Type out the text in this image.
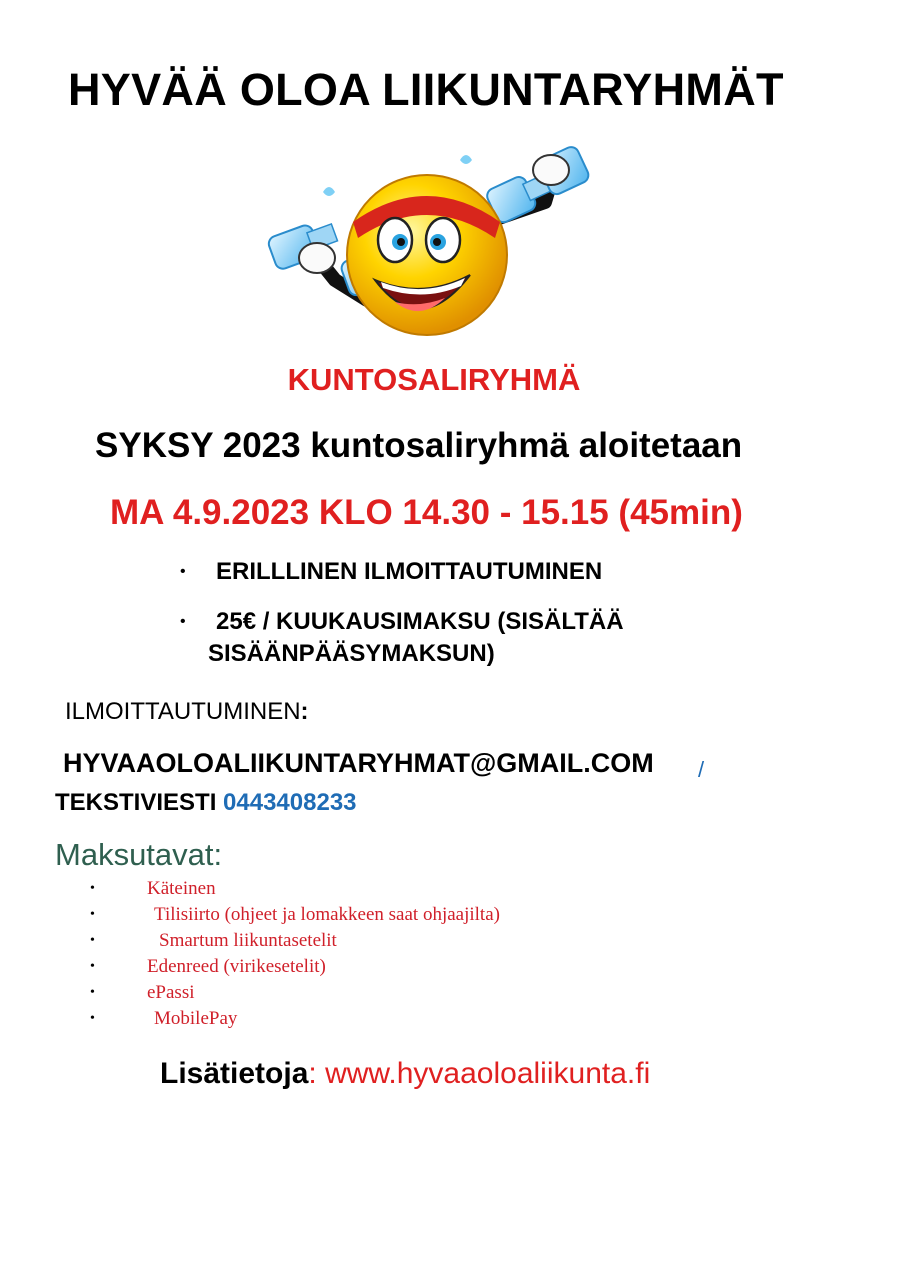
HYVÄÄ OLOA LIIKUNTARYHMÄT
KUNTOSALIRYHMÄ
SYKSY 2023 kuntosaliryhmä aloitetaan
MA 4.9.2023 KLO 14.30 - 15.15 (45min)
• ERILLLINEN ILMOITTAUTUMINEN
• 25€ / KUUKAUSIMAKSU (SISÄLTÄÄ
SISÄÄNPÄÄSYMAKSUN)
ILMOITTAUTUMINEN:
HYVAAOLOALIIKUNTARYHMAT@GMAIL.COM /
TEKSTIVIESTI 0443408233
Maksutavat:
•	Käteinen
•	Tilisiirto (ohjeet ja lomakkeen saat ohjaajilta)
•	Smartum liikuntasetelit
•	Edenreed (virikesetelit)
•	ePassi
•	MobilePay
Lisätietoja: www.hyvaaoloaliikunta.fi
